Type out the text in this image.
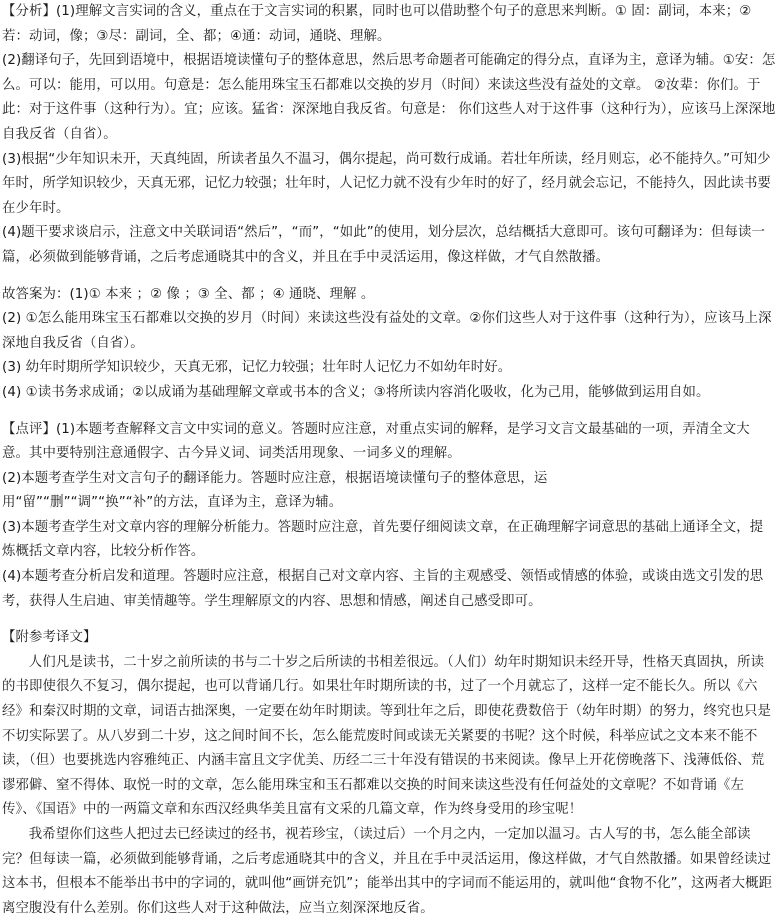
【分析】(1)理解文言实词的含义，重点在于文言实词的积累，同时也可以借助整个句子的意思来判断。① 固：副词，本来；② 若：动词，像；③尽：副词，全、都；④通：动词，通晓、理解。

(2)翻译句子，先回到语境中，根据语境读懂句子的整体意思，然后思考命题者可能确定的得分点，直译为主，意译为辅。①安：怎么。可以：能用，可以用。句意是：怎么能用珠宝玉石都难以交换的岁月（时间）来读这些没有益处的文章。 ②汝辈：你们。于此：对于这件事（这种行为）。宜；应该。猛省：深深地自我反省。句意是： 你们这些人对于这件事（这种行为），应该马上深深地自我反省（自省）。

(3)根据“少年知识未开，天真纯固，所读者虽久不温习，偶尔提起，尚可数行成诵。若壮年所读，经月则忘，必不能持久。”可知少年时，所学知识较少，天真无邪，记忆力较强；壮年时，人记忆力就不没有少年时的好了，经月就会忘记，不能持久，因此读书要在少年时。

(4)题干要求谈启示，注意文中关联词语“然后”，“而”，“如此”的使用，划分层次，总结概括大意即可。该句可翻译为：但每读一篇，必须做到能够背诵，之后考虑通晓其中的含义，并且在手中灵活运用，像这样做，才气自然散播。

故答案为：(1)① 本来 ；② 像 ；③ 全、都 ；④ 通晓、理解 。

(2) ①怎么能用珠宝玉石都难以交换的岁月（时间）来读这些没有益处的文章。②你们这些人对于这件事（这种行为），应该马上深深地自我反省（自省）。

(3) 幼年时期所学知识较少，天真无邪，记忆力较强；壮年时人记忆力不如幼年时好。

(4) ①读书务求成诵；②以成诵为基础理解文章或书本的含义；③将所读内容消化吸收，化为己用，能够做到运用自如。

【点评】(1)本题考查解释文言文中实词的意义。答题时应注意，对重点实词的解释，是学习文言文最基础的一项，弄清全文大意。其中要特别注意通假字、古今异义词、词类活用现象、一词多义的理解。

(2)本题考查学生对文言句子的翻译能力。答题时应注意，根据语境读懂句子的整体意思，运

用“留”“删”“调”“换”“补”的方法，直译为主，意译为辅。

(3)本题考查学生对文章内容的理解分析能力。答题时应注意，首先要仔细阅读文章，在正确理解字词意思的基础上通译全文，提炼概括文章内容，比较分析作答。

(4)本题考查分析启发和道理。答题时应注意，根据自己对文章内容、主旨的主观感受、领悟或情感的体验，或谈由选文引发的思考，获得人生启迪、审美情趣等。学生理解原文的内容、思想和情感，阐述自己感受即可。

【附参考译文】

人们凡是读书，二十岁之前所读的书与二十岁之后所读的书相差很远。（人们）幼年时期知识未经开导，性格天真固执，所读的书即使很久不复习，偶尔提起，也可以背诵几行。如果壮年时期所读的书，过了一个月就忘了，这样一定不能长久。所以《六经》和秦汉时期的文章，词语古拙深奥，一定要在幼年时期读。等到壮年之后，即使花费数倍于（幼年时期）的努力，终究也只是不切实际罢了。从八岁到二十岁，这之间时间不长，怎么能荒废时间或读无关紧要的书呢？这个时候，科举应试之文本来不能不读，（但）也要挑选内容雅纯正、内涵丰富且文字优美、历经二三十年没有错误的书来阅读。像早上开花傍晚落下、浅薄低俗、荒谬邪僻、窒不得体、取悦一时的文章，怎么能用珠宝和玉石都难以交换的时间来读这些没有任何益处的文章呢？不如背诵《左传》、《国语》中的一两篇文章和东西汉经典华美且富有文采的几篇文章，作为终身受用的珍宝呢！

我希望你们这些人把过去已经读过的经书，视若珍宝，（读过后）一个月之内，一定加以温习。古人写的书，怎么能全部读完？但每读一篇，必须做到能够背诵，之后考虑通晓其中的含义，并且在手中灵活运用，像这样做，才气自然散播。如果曾经读过这本书，但根本不能举出书中的字词的，就叫他“画饼充饥”；能举出其中的字词而不能运用的，就叫他“食物不化”，这两者大概距离空腹没有什么差别。你们这些人对于这种做法，应当立刻深深地反省。
